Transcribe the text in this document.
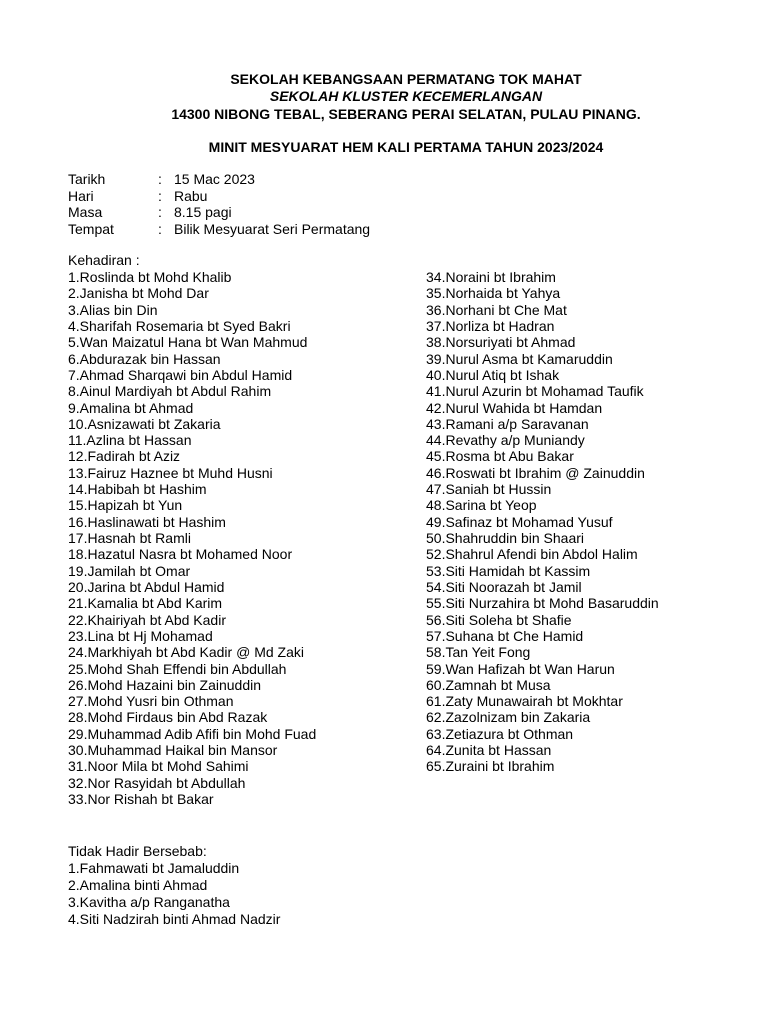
SEKOLAH KEBANGSAAN PERMATANG TOK MAHAT
SEKOLAH KLUSTER KECEMERLANGAN
14300 NIBONG TEBAL, SEBERANG PERAI SELATAN, PULAU PINANG.
MINIT MESYUARAT HEM KALI PERTAMA TAHUN 2023/2024
Tarikh	: 15 Mac 2023
Hari	: Rabu
Masa	: 8.15 pagi
Tempat	: Bilik Mesyuarat Seri Permatang
Kehadiran :
1.Roslinda bt Mohd Khalib
2.Janisha bt Mohd Dar
3.Alias bin Din
4.Sharifah Rosemaria bt Syed Bakri
5.Wan Maizatul Hana bt Wan Mahmud
6.Abdurazak bin Hassan
7.Ahmad Sharqawi bin Abdul Hamid
8.Ainul Mardiyah bt Abdul Rahim
9.Amalina bt Ahmad
10.Asnizawati bt Zakaria
11.Azlina bt Hassan
12.Fadirah bt Aziz
13.Fairuz Haznee bt Muhd Husni
14.Habibah bt Hashim
15.Hapizah bt Yun
16.Haslinawati bt Hashim
17.Hasnah bt Ramli
18.Hazatul Nasra bt Mohamed Noor
19.Jamilah bt Omar
20.Jarina bt Abdul Hamid
21.Kamalia bt Abd Karim
22.Khairiyah bt Abd Kadir
23.Lina bt Hj Mohamad
24.Markhiyah bt Abd Kadir @ Md Zaki
25.Mohd Shah Effendi bin Abdullah
26.Mohd Hazaini bin Zainuddin
27.Mohd Yusri bin Othman
28.Mohd Firdaus bin Abd Razak
29.Muhammad Adib Afifi bin Mohd Fuad
30.Muhammad Haikal bin Mansor
31.Noor Mila bt Mohd Sahimi
32.Nor Rasyidah bt Abdullah
33.Nor Rishah bt Bakar
34.Noraini bt Ibrahim
35.Norhaida bt Yahya
36.Norhani bt Che Mat
37.Norliza bt Hadran
38.Norsuriyati bt Ahmad
39.Nurul Asma bt Kamaruddin
40.Nurul Atiq bt Ishak
41.Nurul Azurin bt Mohamad Taufik
42.Nurul Wahida bt Hamdan
43.Ramani a/p Saravanan
44.Revathy a/p Muniandy
45.Rosma bt Abu Bakar
46.Roswati bt Ibrahim @ Zainuddin
47.Saniah bt Hussin
48.Sarina bt Yeop
49.Safinaz bt Mohamad Yusuf
50.Shahruddin bin Shaari
52.Shahrul Afendi bin Abdol Halim
53.Siti Hamidah bt Kassim
54.Siti Noorazah bt Jamil
55.Siti Nurzahira bt Mohd Basaruddin
56.Siti Soleha bt Shafie
57.Suhana bt Che Hamid
58.Tan Yeit Fong
59.Wan Hafizah bt Wan Harun
60.Zamnah bt Musa
61.Zaty Munawairah bt Mokhtar
62.Zazolnizam bin Zakaria
63.Zetiazura bt Othman
64.Zunita bt Hassan
65.Zuraini bt Ibrahim
Tidak Hadir Bersebab:
1.Fahmawati bt Jamaluddin
2.Amalina binti Ahmad
3.Kavitha a/p Ranganatha
4.Siti Nadzirah binti Ahmad Nadzir
